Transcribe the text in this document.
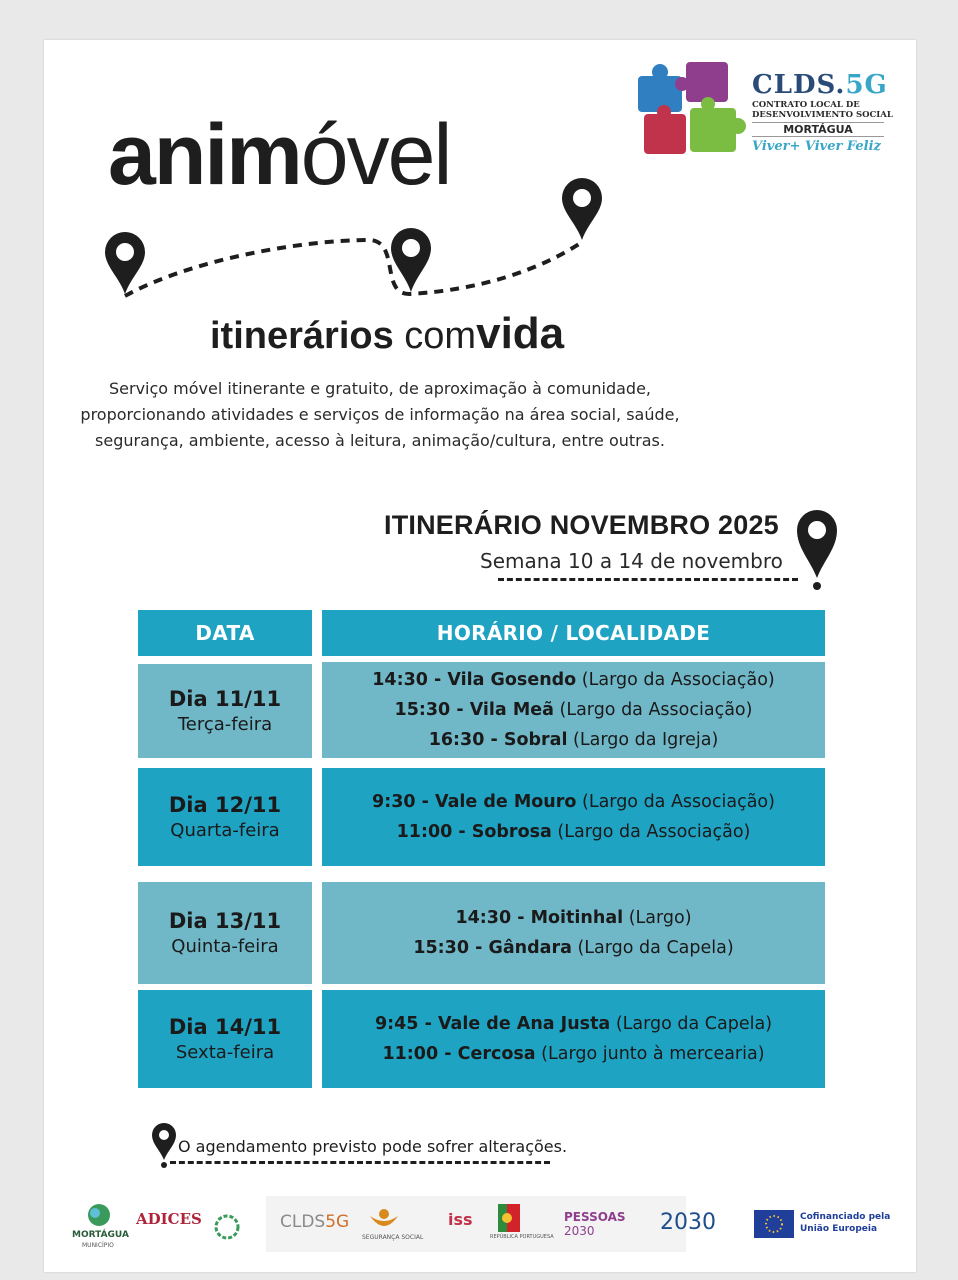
animóvel
itinerários comvida
Serviço móvel itinerante e gratuito, de aproximação à comunidade,
proporcionando atividades e serviços de informação na área social, saúde,
segurança, ambiente, acesso à leitura, animação/cultura, entre outras.
CLDS.5G
CONTRATO LOCAL DE
DESENVOLVIMENTO SOCIAL
MORTÁGUA
Viver+ Viver Feliz
ITINERÁRIO NOVEMBRO 2025
Semana 10 a 14 de novembro
DATA	HORÁRIO / LOCALIDADE
Dia 11/11
Terça-feira
14:30 - Vila Gosendo (Largo da Associação)
15:30 - Vila Meã (Largo da Associação)
16:30 - Sobral (Largo da Igreja)
Dia 12/11
Quarta-feira
9:30 - Vale de Mouro (Largo da Associação)
11:00 - Sobrosa (Largo da Associação)
Dia 13/11
Quinta-feira
14:30 - Moitinhal (Largo)
15:30 - Gândara (Largo da Capela)
Dia 14/11
Sexta-feira
9:45 - Vale de Ana Justa (Largo da Capela)
11:00 - Cercosa (Largo junto à mercearia)
O agendamento previsto pode sofrer alterações.
MORTÁGUA
MUNICÍPIO
ADICES	CLDS5G
SEGURANÇA SOCIAL
iss
REPÚBLICA PORTUGUESA
PESSOAS
2030	2030	Cofinanciado pela
União Europeia
